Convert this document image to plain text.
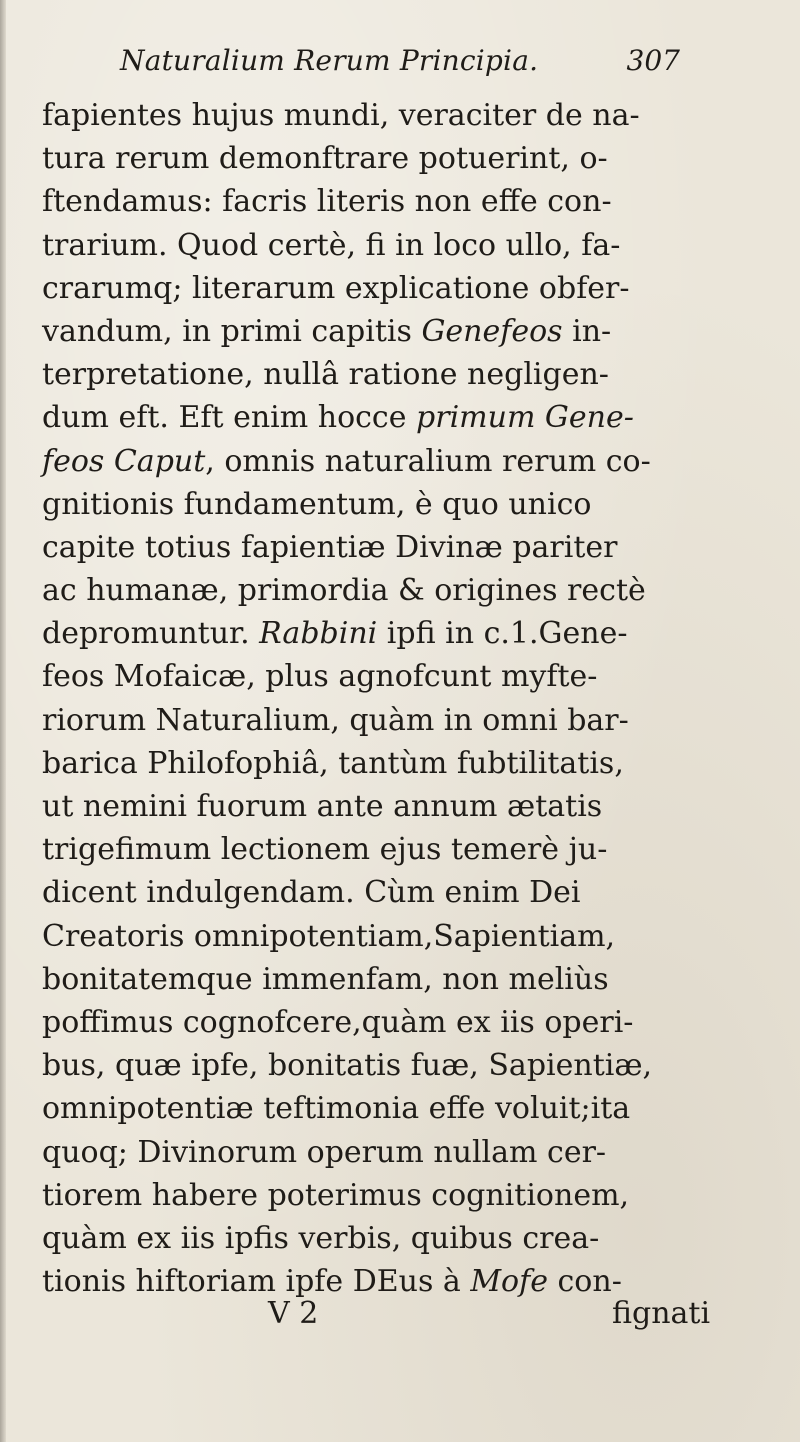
Naturalium Rerum Principia.	307
fapientes hujus mundi, veraciter de na-
tura rerum demonftrare potuerint, o-
ftendamus: facris literis non effe con-
trarium. Quod certè, fi in loco ullo, fa-
crarumq; literarum explicatione obfer-
vandum, in primi capitis Genefeos in-
terpretatione, nullâ ratione negligen-
dum eft. Eft enim hocce primum Gene-
feos Caput, omnis naturalium rerum co-
gnitionis fundamentum, è quo unico
capite totius fapientiæ Divinæ pariter
ac humanæ, primordia & origines rectè
depromuntur. Rabbini ipfi in c.1.Gene-
feos Mofaicæ, plus agnofcunt myfte-
riorum Naturalium, quàm in omni bar-
barica Philofophiâ, tantùm fubtilitatis,
ut nemini fuorum ante annum ætatis
trigefimum lectionem ejus temerè ju-
dicent indulgendam. Cùm enim Dei
Creatoris omnipotentiam,Sapientiam,
bonitatemque immenfam, non meliùs
poffimus cognofcere,quàm ex iis operi-
bus, quæ ipfe, bonitatis fuæ, Sapientiæ,
omnipotentiæ teftimonia effe voluit;ita
quoq; Divinorum operum nullam cer-
tiorem habere poterimus cognitionem,
quàm ex iis ipfis verbis, quibus crea-
tionis hiftoriam ipfe DEus à Mofe con-
V 2	fignati
